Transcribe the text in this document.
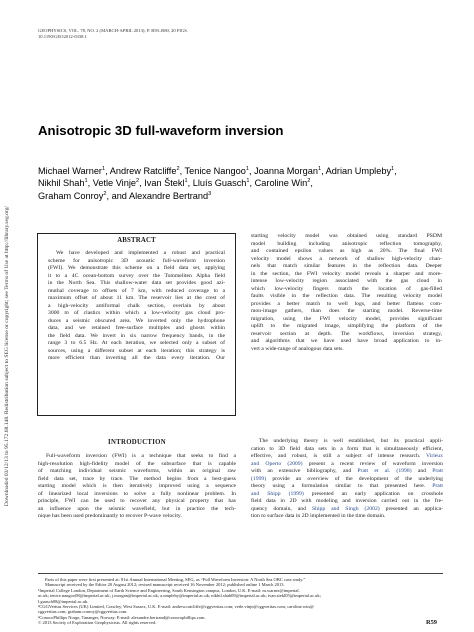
Downloaded 03/12/13 to 95.172.68.148. Redistribution subject to SEG license or copyright; see Terms of Use at http://library.seg.org/
GEOPHYSICS, VOL. 78, NO. 2 (MARCH-APRIL 2013); P. R59–R80, 20 FIGS.
10.1190/GEO2012-0338.1
Anisotropic 3D full-waveform inversion
Michael Warner$^1$, Andrew Ratcliffe$^2$, Tenice Nangoo$^1$, Joanna Morgan$^1$, Adrian Umpleby$^1$,
Nikhil Shah$^1$, Vetle Vinje$^2$, Ivan Štekl$^1$, Lluís Guasch$^1$, Caroline Win$^2$,
Graham Conroy$^2$, and Alexandre Bertrand$^3$
ABSTRACT
We have developed and implemented a robust and practical
scheme for anisotropic 3D acoustic full-waveform inversion
(FWI). We demonstrate this scheme on a field data set, applying
it to a 4C ocean-bottom survey over the Tommeliten Alpha field
in the North Sea. This shallow-water data set provides good azi-
muthal coverage to offsets of 7 km, with reduced coverage to a
maximum offset of about 11 km. The reservoir lies at the crest of
a high-velocity antiformal chalk section, overlain by about
3000 m of clastics within which a low-velocity gas cloud pro-
duces a seismic obscured area. We inverted only the hydrophone
data, and we retained free-surface multiples and ghosts within
the field data. We invert in six narrow frequency bands, in the
range 3 to 6.5 Hz. At each iteration, we selected only a subset of
sources, using a different subset at each iteration; this strategy is
more efficient than inverting all the data every iteration. Our
starting velocity model was obtained using standard PSDM
model building including anisotropic reflection tomography,
and contained epsilon values as high as 20%. The final FWI
velocity model shows a network of shallow high-velocity chan-
nels that match similar features in the reflection data. Deeper
in the section, the FWI velocity model reveals a sharper and more-
intense low-velocity region associated with the gas cloud in
which low-velocity fingers match the location of gas-filled
faults visible in the reflection data. The resulting velocity model
provides a better match to well logs, and better flattens com-
mon-image gathers, than does the starting model. Reverse-time
migration, using the FWI velocity model, provides significant
uplift to the migrated image, simplifying the platform of the
reservoir section at depth. The workflows, inversion strategy,
and algorithms that we have used have broad application to in-
vert a wide-range of analogous data sets.
INTRODUCTION
Full-waveform inversion (FWI) is a technique that seeks to find a
high-resolution high-fidelity model of the subsurface that is capable
of matching individual seismic waveforms, within an original raw
field data set, trace by trace. The method begins from a best-guess
starting model which is then iteratively improved using a sequence
of linearized local inversions to solve a fully nonlinear problem. In
principle, FWI can be used to recover any physical property that has
an influence upon the seismic wavefield, but in practice the tech-
nique has been used predominantly to recover P-wave velocity.
The underlying theory is well established, but its practical appli-
cation to 3D field data sets in a form that is simultaneously efficient,
effective, and robust, is still a subject of intense research. Virieux
and Operto (2009) present a recent review of waveform inversion
with an extensive bibliography, and Pratt et al. (1998) and Pratt
(1999) provide an overview of the development of the underlying
theory using a formulation similar to that presented here. Pratt
and Shipp (1999) presented an early application on crosshole
field data in 2D with modeling and inversion carried out in the fre-
quency domain, and Shipp and Singh (2002) presented an applica-
tion to surface data in 2D implemented in the time domain.
Parts of this paper were first presented at: 81st Annual International Meeting, SEG, as “Full Waveform Inversion: A North Sea OBC case study.”
Manuscript received by the Editor 20 August 2012; revised manuscript received 16 November 2012; published online 1 March 2013.
¹Imperial College London, Department of Earth Science and Engineering, South Kensington campus, London, U.K. E-mail: m.warner@imperial.
ac.uk; tenice.nangoo08@imperial.ac.uk; j.morgan@imperial.ac.uk; a.umpleby@imperial.ac.uk; nikhil.shah09@imperial.ac.uk; ivan.stekl05@imperial.ac.uk;
l.guasch08@imperial.ac.uk.
²CGGVeritas Services (UK) Limited, Crawley, West Sussex, U.K. E-mail: andrew.ratcliffe@cggveritas.com; vetle.vinje@cggveritas.com; caroline.win@
cggveritas.com; graham.conroy@cggveritas.com.
³ConocoPhillips Norge, Tananger, Norway. E-mail: alexandre.bertrand@conocophillips.com.
© 2013 Society of Exploration Geophysicists. All rights reserved.	R59
